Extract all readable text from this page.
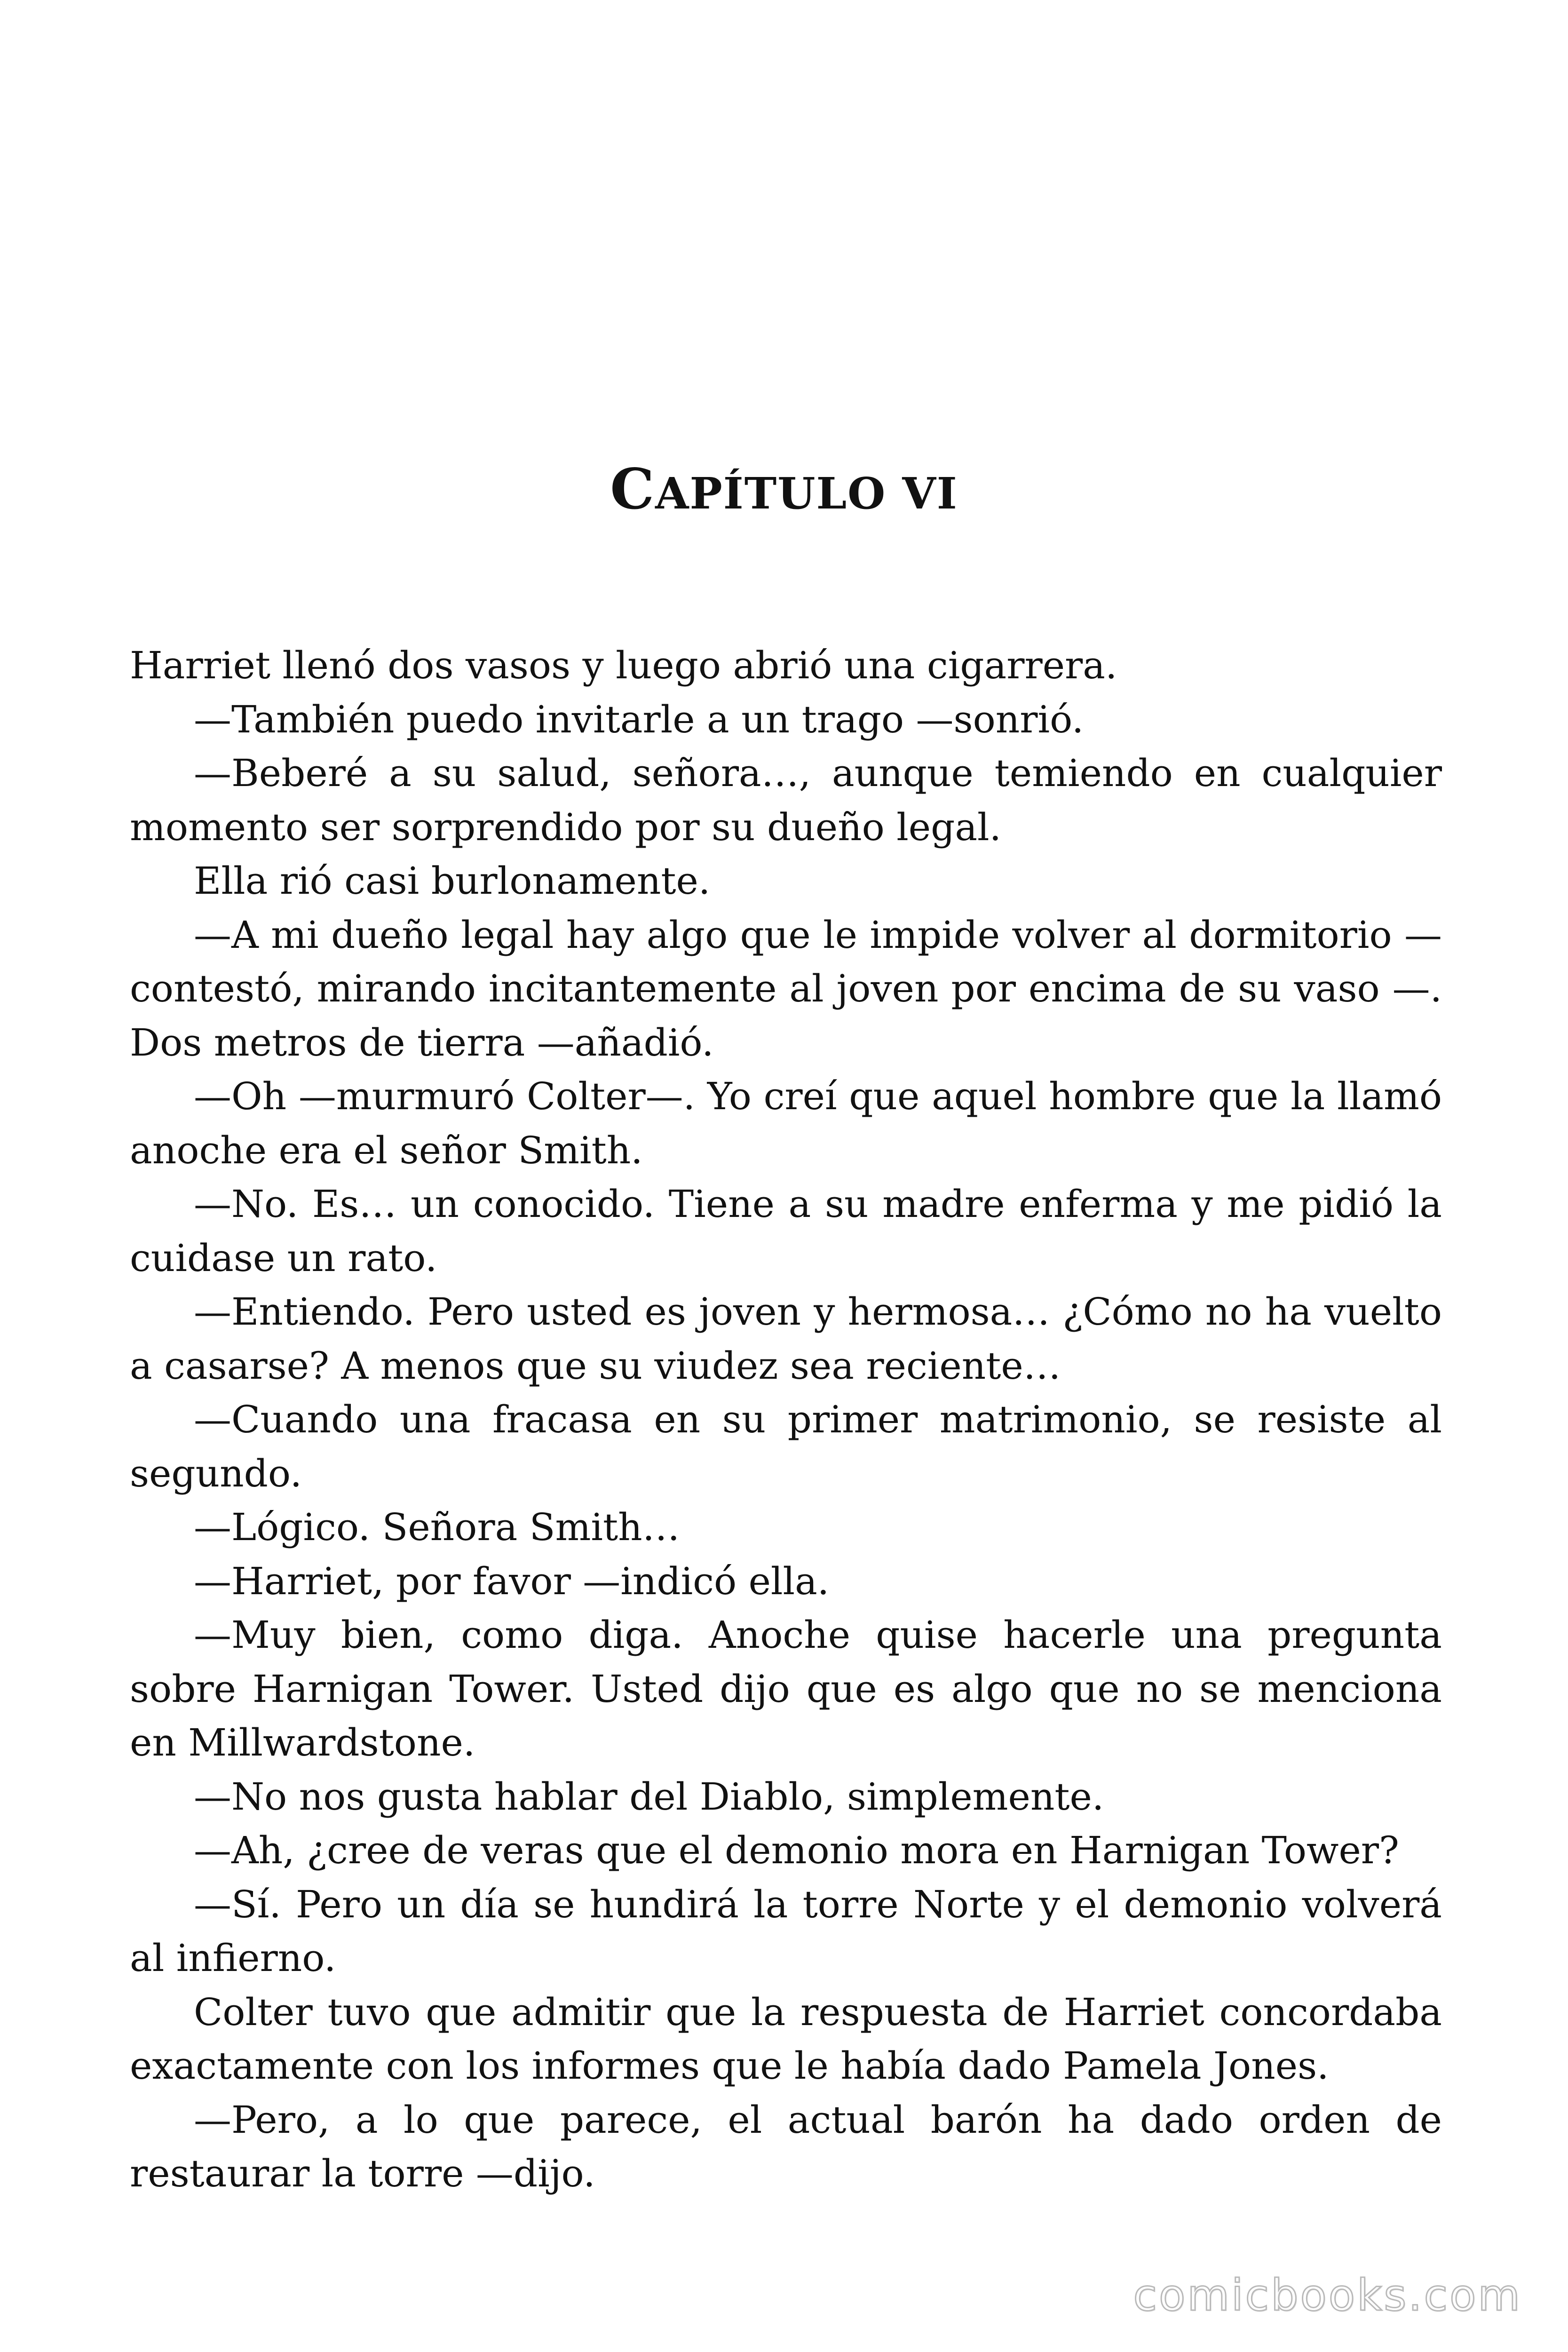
CAPÍTULO VI

Harriet llenó dos vasos y luego abrió una cigarrera.

—También puedo invitarle a un trago —sonrió.

—Beberé a su salud, señora…, aunque temiendo en cualquier momento ser sorprendido por su dueño legal.

Ella rió casi burlonamente.

—A mi dueño legal hay algo que le impide volver al dormitorio —contestó, mirando incitantemente al joven por encima de su vaso —. Dos metros de tierra —añadió.

—Oh —murmuró Colter—. Yo creí que aquel hombre que la llamó anoche era el señor Smith.

—No. Es… un conocido. Tiene a su madre enferma y me pidió la cuidase un rato.

—Entiendo. Pero usted es joven y hermosa… ¿Cómo no ha vuelto a casarse? A menos que su viudez sea reciente…

—Cuando una fracasa en su primer matrimonio, se resiste al segundo.

—Lógico. Señora Smith…

—Harriet, por favor —indicó ella.

—Muy bien, como diga. Anoche quise hacerle una pregunta sobre Harnigan Tower. Usted dijo que es algo que no se menciona en Millwardstone.

—No nos gusta hablar del Diablo, simplemente.

—Ah, ¿cree de veras que el demonio mora en Harnigan Tower?

—Sí. Pero un día se hundirá la torre Norte y el demonio volverá al infierno.

Colter tuvo que admitir que la respuesta de Harriet concordaba exactamente con los informes que le había dado Pamela Jones.

—Pero, a lo que parece, el actual barón ha dado orden de restaurar la torre —dijo.

comicbooks.com
